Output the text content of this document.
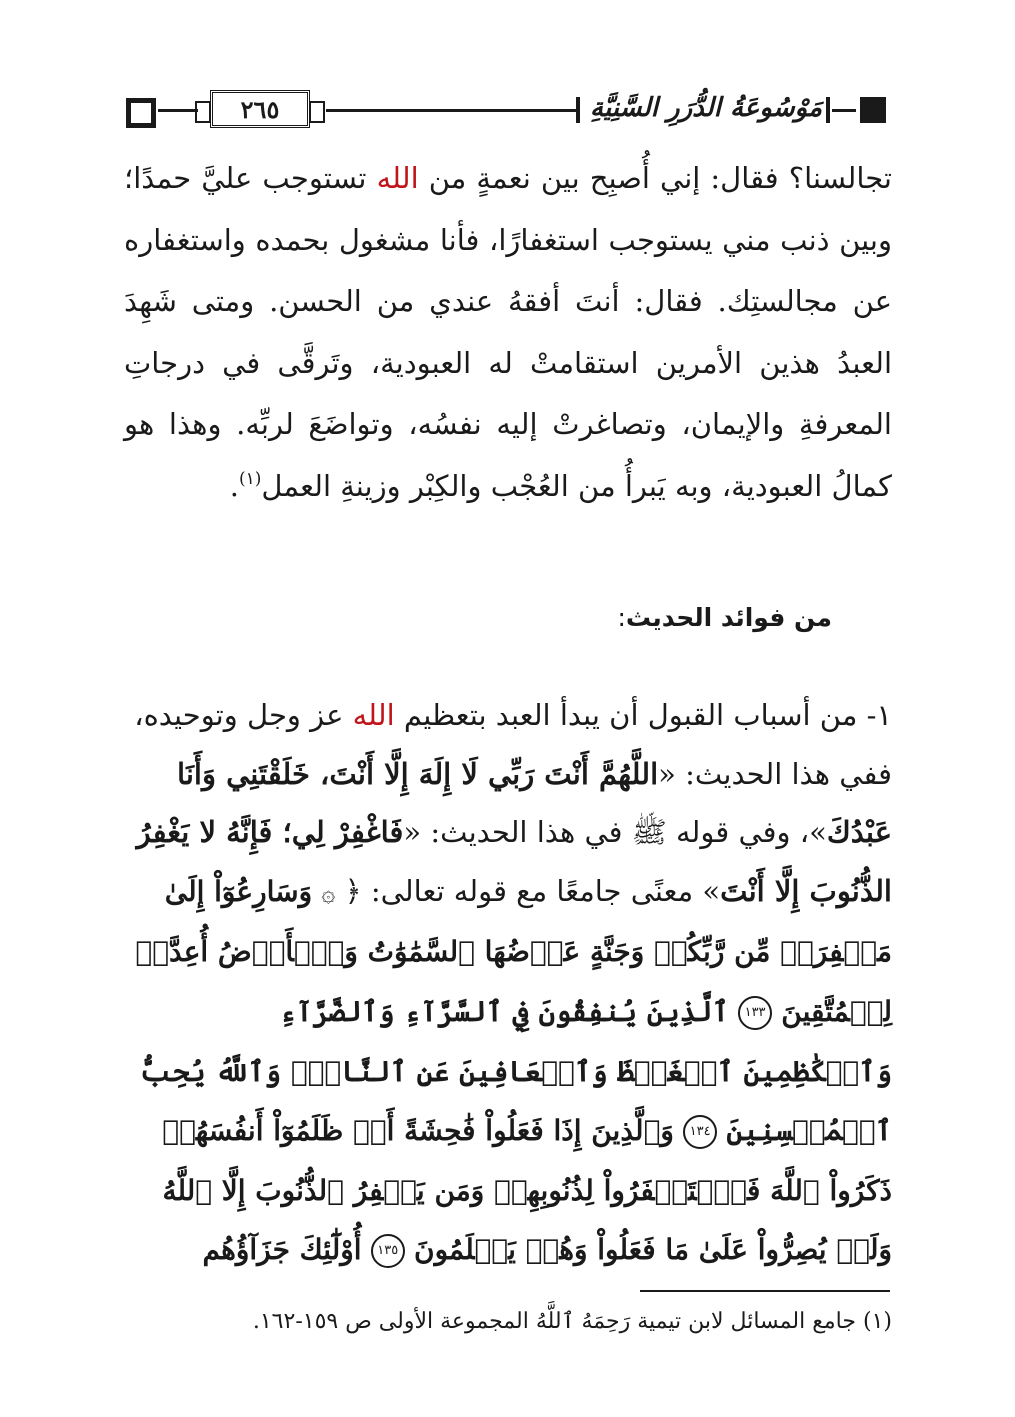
٢٦٥	مَوْسُوعَةُ الدُّرَرِ السَّنِيَّةِ

تجالسنا؟ فقال: إني أُصبِح بين نعمةٍ من الله تستوجب عليَّ حمدًا؛ وبين ذنب مني يستوجب استغفارًا، فأنا مشغول بحمده واستغفاره عن مجالستِك. فقال: أنتَ أفقهُ عندي من الحسن. ومتى شَهِدَ العبدُ هذين الأمرين استقامتْ له العبودية، وتَرقَّى في درجاتِ المعرفةِ والإيمان، وتصاغرتْ إليه نفسُه، وتواضَعَ لربِّه. وهذا هو كمالُ العبودية، وبه يَبرأُ من العُجْب والكِبْر وزينةِ العمل$^{(١)}$.

من فوائد الحديث:
١- من أسباب القبول أن يبدأ العبد بتعظيم الله عز وجل وتوحيده، ففي هذا الحديث: «اللَّهُمَّ أَنْتَ رَبِّي لَا إِلَهَ إِلَّا أَنْتَ، خَلَقْتَنِي وَأَنَا عَبْدُكَ»، وفي قوله ﷺ في هذا الحديث: «فَاغْفِرْ لِي؛ فَإِنَّهُ لا يَغْفِرُ الذُّنُوبَ إِلَّا أَنْتَ» معنًى جامعًا مع قوله تعالى: ﴿ ۞ وَسَارِعُوٓاْ إِلَىٰ مَغۡفِرَةٖ مِّن رَّبِّكُمۡ وَجَنَّةٍ عَرۡضُهَا ٱلسَّمَٰوَٰتُ وَٱلۡأَرۡضُ أُعِدَّتۡ لِلۡمُتَّقِينَ ١٣٣ ٱلَّذِينَ يُنفِقُونَ فِي ٱلسَّرَّآءِ وَٱلضَّرَّآءِ وَٱلۡكَٰظِمِينَ ٱلۡغَيۡظَ وَٱلۡعَافِينَ عَنِ ٱلنَّاسِۗ وَٱللَّهُ يُحِبُّ ٱلۡمُحۡسِنِينَ ١٣٤ وَٱلَّذِينَ إِذَا فَعَلُواْ فَٰحِشَةً أَوۡ ظَلَمُوٓاْ أَنفُسَهُمۡ ذَكَرُواْ ٱللَّهَ فَٱسۡتَغۡفَرُواْ لِذُنُوبِهِمۡ وَمَن يَغۡفِرُ ٱلذُّنُوبَ إِلَّا ٱللَّهُ وَلَمۡ يُصِرُّواْ عَلَىٰ مَا فَعَلُواْ وَهُمۡ يَعۡلَمُونَ ١٣٥ أُوْلَٰٓئِكَ جَزَآؤُهُم
(١) جامع المسائل لابن تيمية رَحِمَهُ ٱللَّهُ المجموعة الأولى ص ١٥٩-١٦٢.
